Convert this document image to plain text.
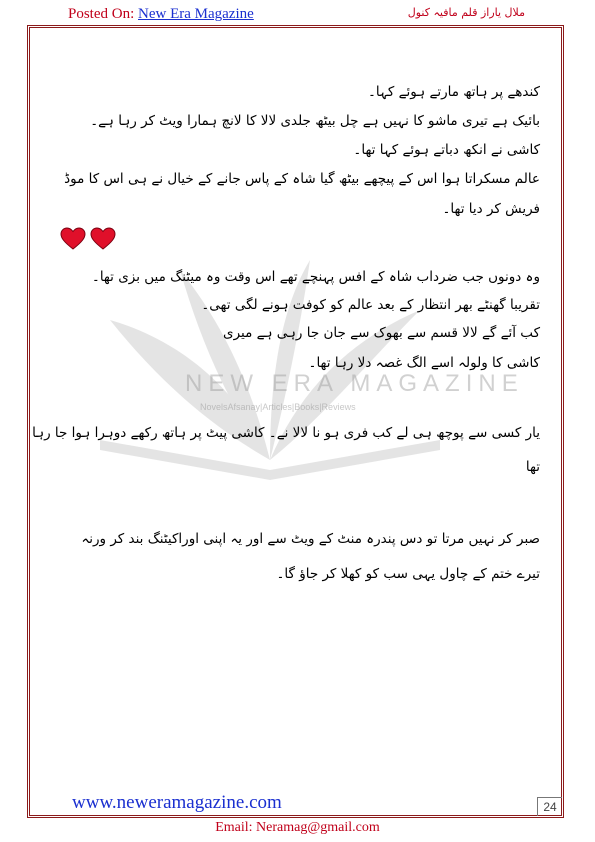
Posted On: New Era Magazine	ملال یاراز قلم مافیہ کنول
NEW ERA MAGAZINE
NovelsAfsanay|Articles|Books|Reviews
کندھے پر ہاتھ مارتے ہوئے کہا۔
بائیک ہے تیری ماشو کا نہیں ہے چل بیٹھ جلدی لالا کا لانچ ہمارا ویٹ کر رہا ہے۔
کاشی نے انکھ دباتے ہوئے کہا تھا۔
عالم مسکراتا ہوا اس کے پیچھے بیٹھ گیا شاہ کے پاس جانے کے خیال نے ہی اس کا موڈ
فریش کر دیا تھا۔
وہ دونوں جب ضرداب شاہ کے افس پہنچے تھے اس وقت وہ میٹنگ میں بزی تھا۔
تقریبا گھنٹے بھر انتظار کے بعد عالم کو کوفت ہونے لگی تھی۔
کب آئے گے لالا قسم سے بھوک سے جان جا رہی ہے میری
کاشی کا ولولہ اسے الگ غصہ دلا رہا تھا۔
یار کسی سے پوچھ ہی لے کب فری ہو نا لالا نے۔ کاشی پیٹ پر ہاتھ رکھے دوہرا ہوا جا رہا
تھا
صبر کر نہیں مرتا تو دس پندرہ منٹ کے ویٹ سے اور یہ اپنی اوراکیٹنگ بند کر ورنہ
تیرے ختم کے چاول یہی سب کو کھلا کر جاؤ گا۔
www.neweramagazine.com	24
Email: Neramag@gmail.com
